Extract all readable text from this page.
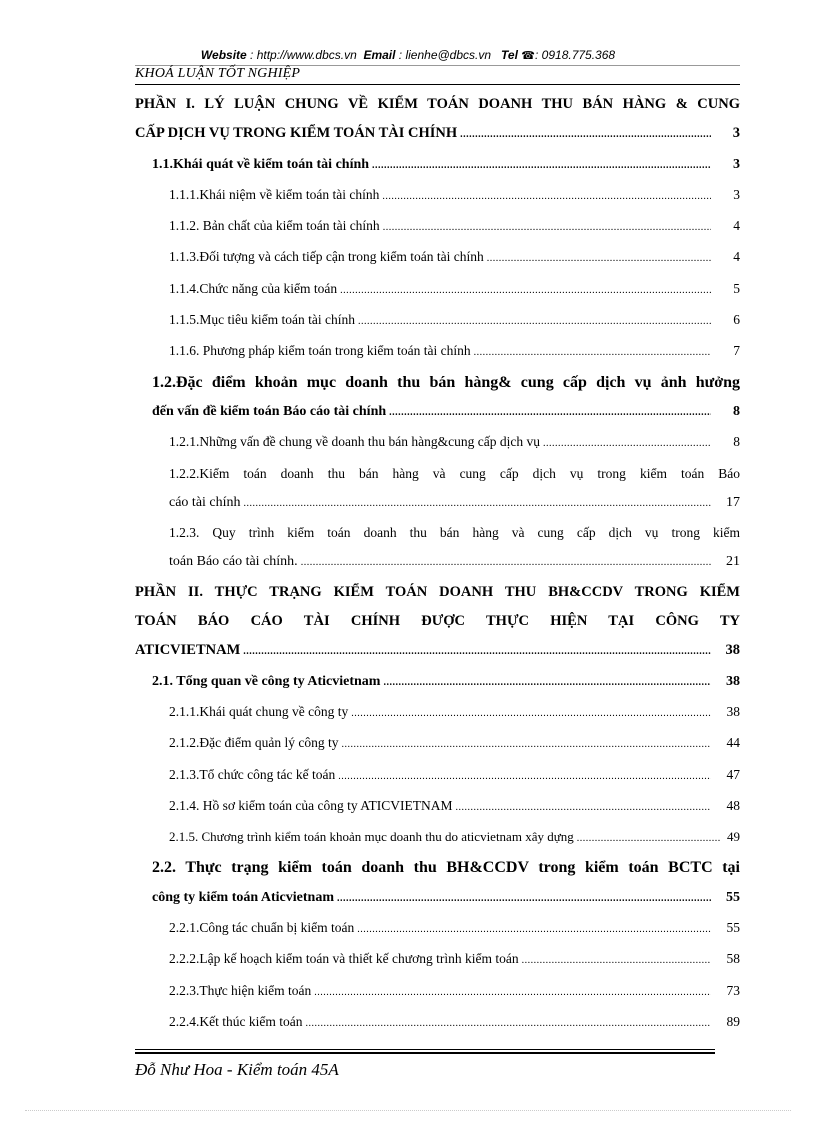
Website : http://www.dbcs.vn Email : lienhe@dbcs.vn Tel ☎: 0918.775.368
KHOÁ LUẬN TỐT NGHIỆP
PHẦN I. LÝ LUẬN CHUNG VỀ KIỂM TOÁN DOANH THU BÁN HÀNG & CUNG
CẤP DỊCH VỤ TRONG KIỂM TOÁN TÀI CHÍNH .....	3
1.1.Khái quát về kiểm toán tài chính .....	3
1.1.1.Khái niệm về kiểm toán tài chính .....	3
1.1.2. Bản chất của kiểm toán tài chính .....	4
1.1.3.Đối tượng và cách tiếp cận trong kiểm toán tài chính .....	4
1.1.4.Chức năng của kiểm toán .....	5
1.1.5.Mục tiêu kiểm toán tài chính .....	6
1.1.6. Phương pháp kiểm toán trong kiểm toán tài chính .....	7
1.2.Đặc điểm khoản mục doanh thu bán hàng& cung cấp dịch vụ ảnh hưởng
đến vấn đề kiểm toán Báo cáo tài chính .....	8
1.2.1.Những vấn đề chung về doanh thu bán hàng&cung cấp dịch vụ .....	8
1.2.2.Kiểm toán doanh thu bán hàng và cung cấp dịch vụ trong kiểm toán Báo
cáo tài chính .....	17
1.2.3. Quy trình kiểm toán doanh thu bán hàng và cung cấp dịch vụ trong kiểm
toán Báo cáo tài chính. .....	21
PHẦN II. THỰC TRẠNG KIỂM TOÁN DOANH THU BH&CCDV TRONG KIỂM
TOÁN BÁO CÁO TÀI CHÍNH ĐƯỢC THỰC HIỆN TẠI CÔNG TY
ATICVIETNAM .....	38
2.1. Tổng quan về công ty Aticvietnam .....	38
2.1.1.Khái quát chung về công ty .....	38
2.1.2.Đặc điểm quản lý công ty .....	44
2.1.3.Tổ chức công tác kế toán .....	47
2.1.4. Hồ sơ kiểm toán của công ty ATICVIETNAM .....	48
2.1.5. Chương trình kiểm toán khoản mục doanh thu do aticvietnam xây dựng .....	49
2.2. Thực trạng kiểm toán doanh thu BH&CCDV trong kiểm toán BCTC tại
công ty kiểm toán Aticvietnam .....	55
2.2.1.Công tác chuẩn bị kiểm toán .....	55
2.2.2.Lập kế hoạch kiểm toán và thiết kế chương trình kiểm toán .....	58
2.2.3.Thực hiện kiểm toán .....	73
2.2.4.Kết thúc kiểm toán .....	89
Đỗ Như Hoa - Kiểm toán 45A
